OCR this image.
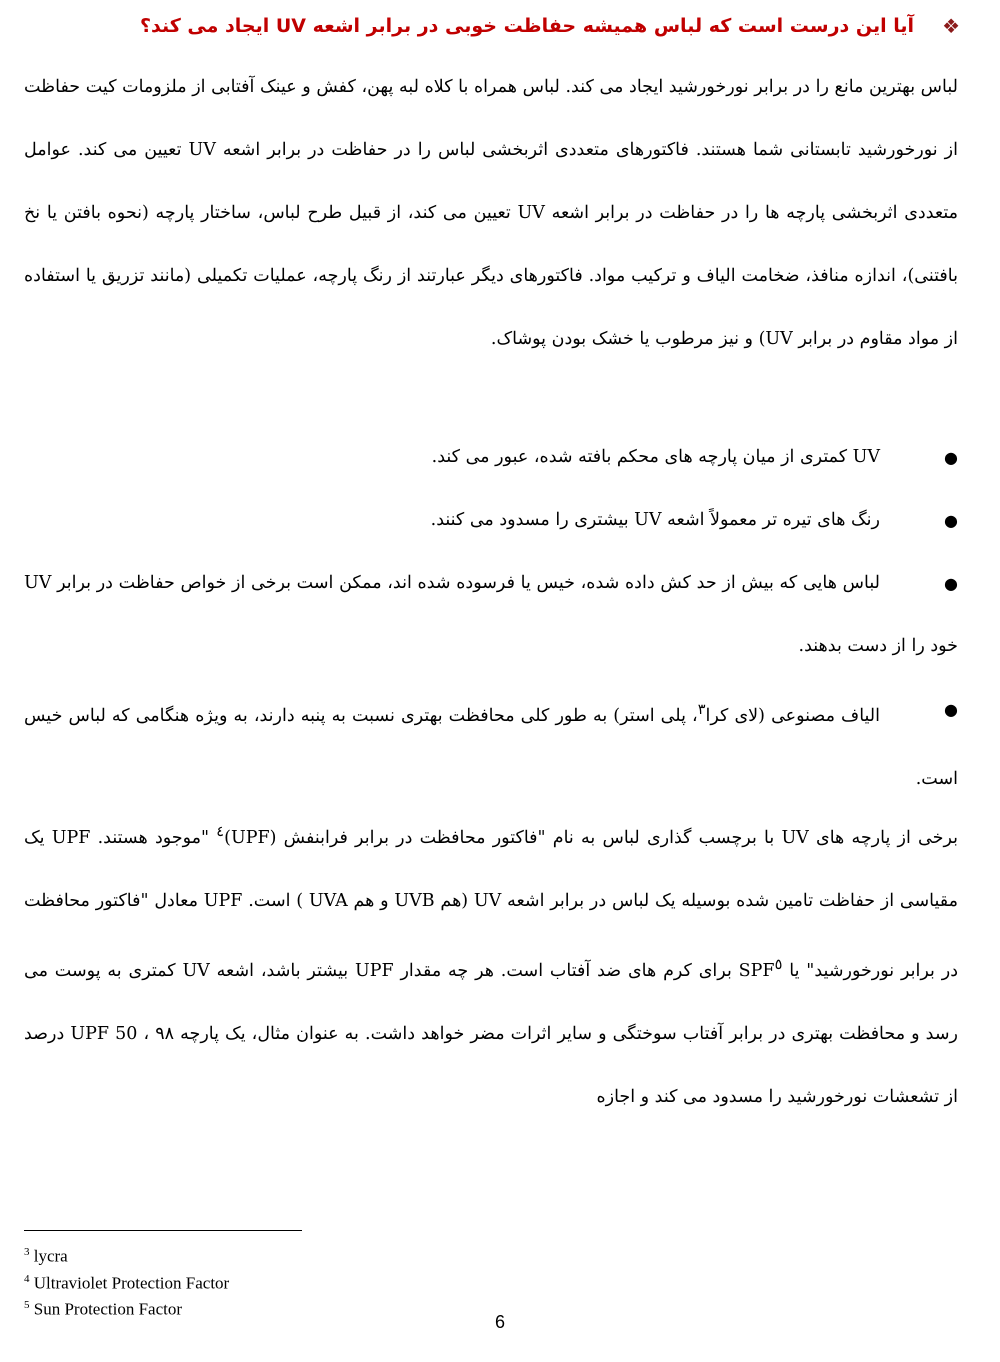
❖
آیا این درست است که لباس همیشه حفاظت خوبی در برابر اشعه UV ایجاد می کند؟

لباس بهترین مانع را در برابر نورخورشید ایجاد می کند. لباس همراه با کلاه لبه پهن، کفش و عینک آفتابی از ملزومات کیت حفاظت از نورخورشید تابستانی شما هستند. فاکتورهای متعددی اثربخشی لباس را در حفاظت در برابر اشعه UV تعیین می کند. عوامل متعددی اثربخشی پارچه ها را در حفاظت در برابر اشعه UV تعیین می کند، از قبیل طرح لباس، ساختار پارچه (نحوه بافتن یا نخ بافتنی)، اندازه منافذ، ضخامت الیاف و ترکیب مواد. فاکتورهای دیگر عبارتند از رنگ پارچه، عملیات تکمیلی (مانند تزریق یا استفاده از مواد مقاوم در برابر UV) و نیز مرطوب یا خشک بودن پوشاک.

●
UV کمتری از میان پارچه های محکم بافته شده، عبور می کند.
●
رنگ های تیره تر معمولاً اشعه UV بیشتری را مسدود می کنند.
●
لباس هایی که بیش از حد کش داده شده، خیس یا فرسوده شده اند، ممکن است برخی از خواص حفاظت در برابر UV خود را از دست بدهند.
●
الیاف مصنوعی (لای کرا$^۳$، پلی استر) به طور کلی محافظت بهتری نسبت به پنبه دارند، به ویژه هنگامی که لباس خیس است.

برخی از پارچه های UV با برچسب گذاری لباس به نام "فاکتور محافظت در برابر فرابنفش (UPF)$^٤$ "موجود هستند. UPF یک مقیاسی از حفاظت تامین شده بوسیله یک لباس در برابر اشعه UV (هم UVB و هم UVA ) است. UPF معادل "فاکتور محافظت در برابر نورخورشید" یا SPF$^٥$ برای کرم های ضد آفتاب است. هر چه مقدار UPF بیشتر باشد، اشعه UV کمتری به پوست می رسد و محافظت بهتری در برابر آفتاب سوختگی و سایر اثرات مضر خواهد داشت. به عنوان مثال، یک پارچه UPF 50 ، ۹۸ درصد از تشعشات نورخورشید را مسدود می کند و اجازه

$^3$ lycra
$^4$ Ultraviolet Protection Factor
$^5$ Sun Protection Factor
6
